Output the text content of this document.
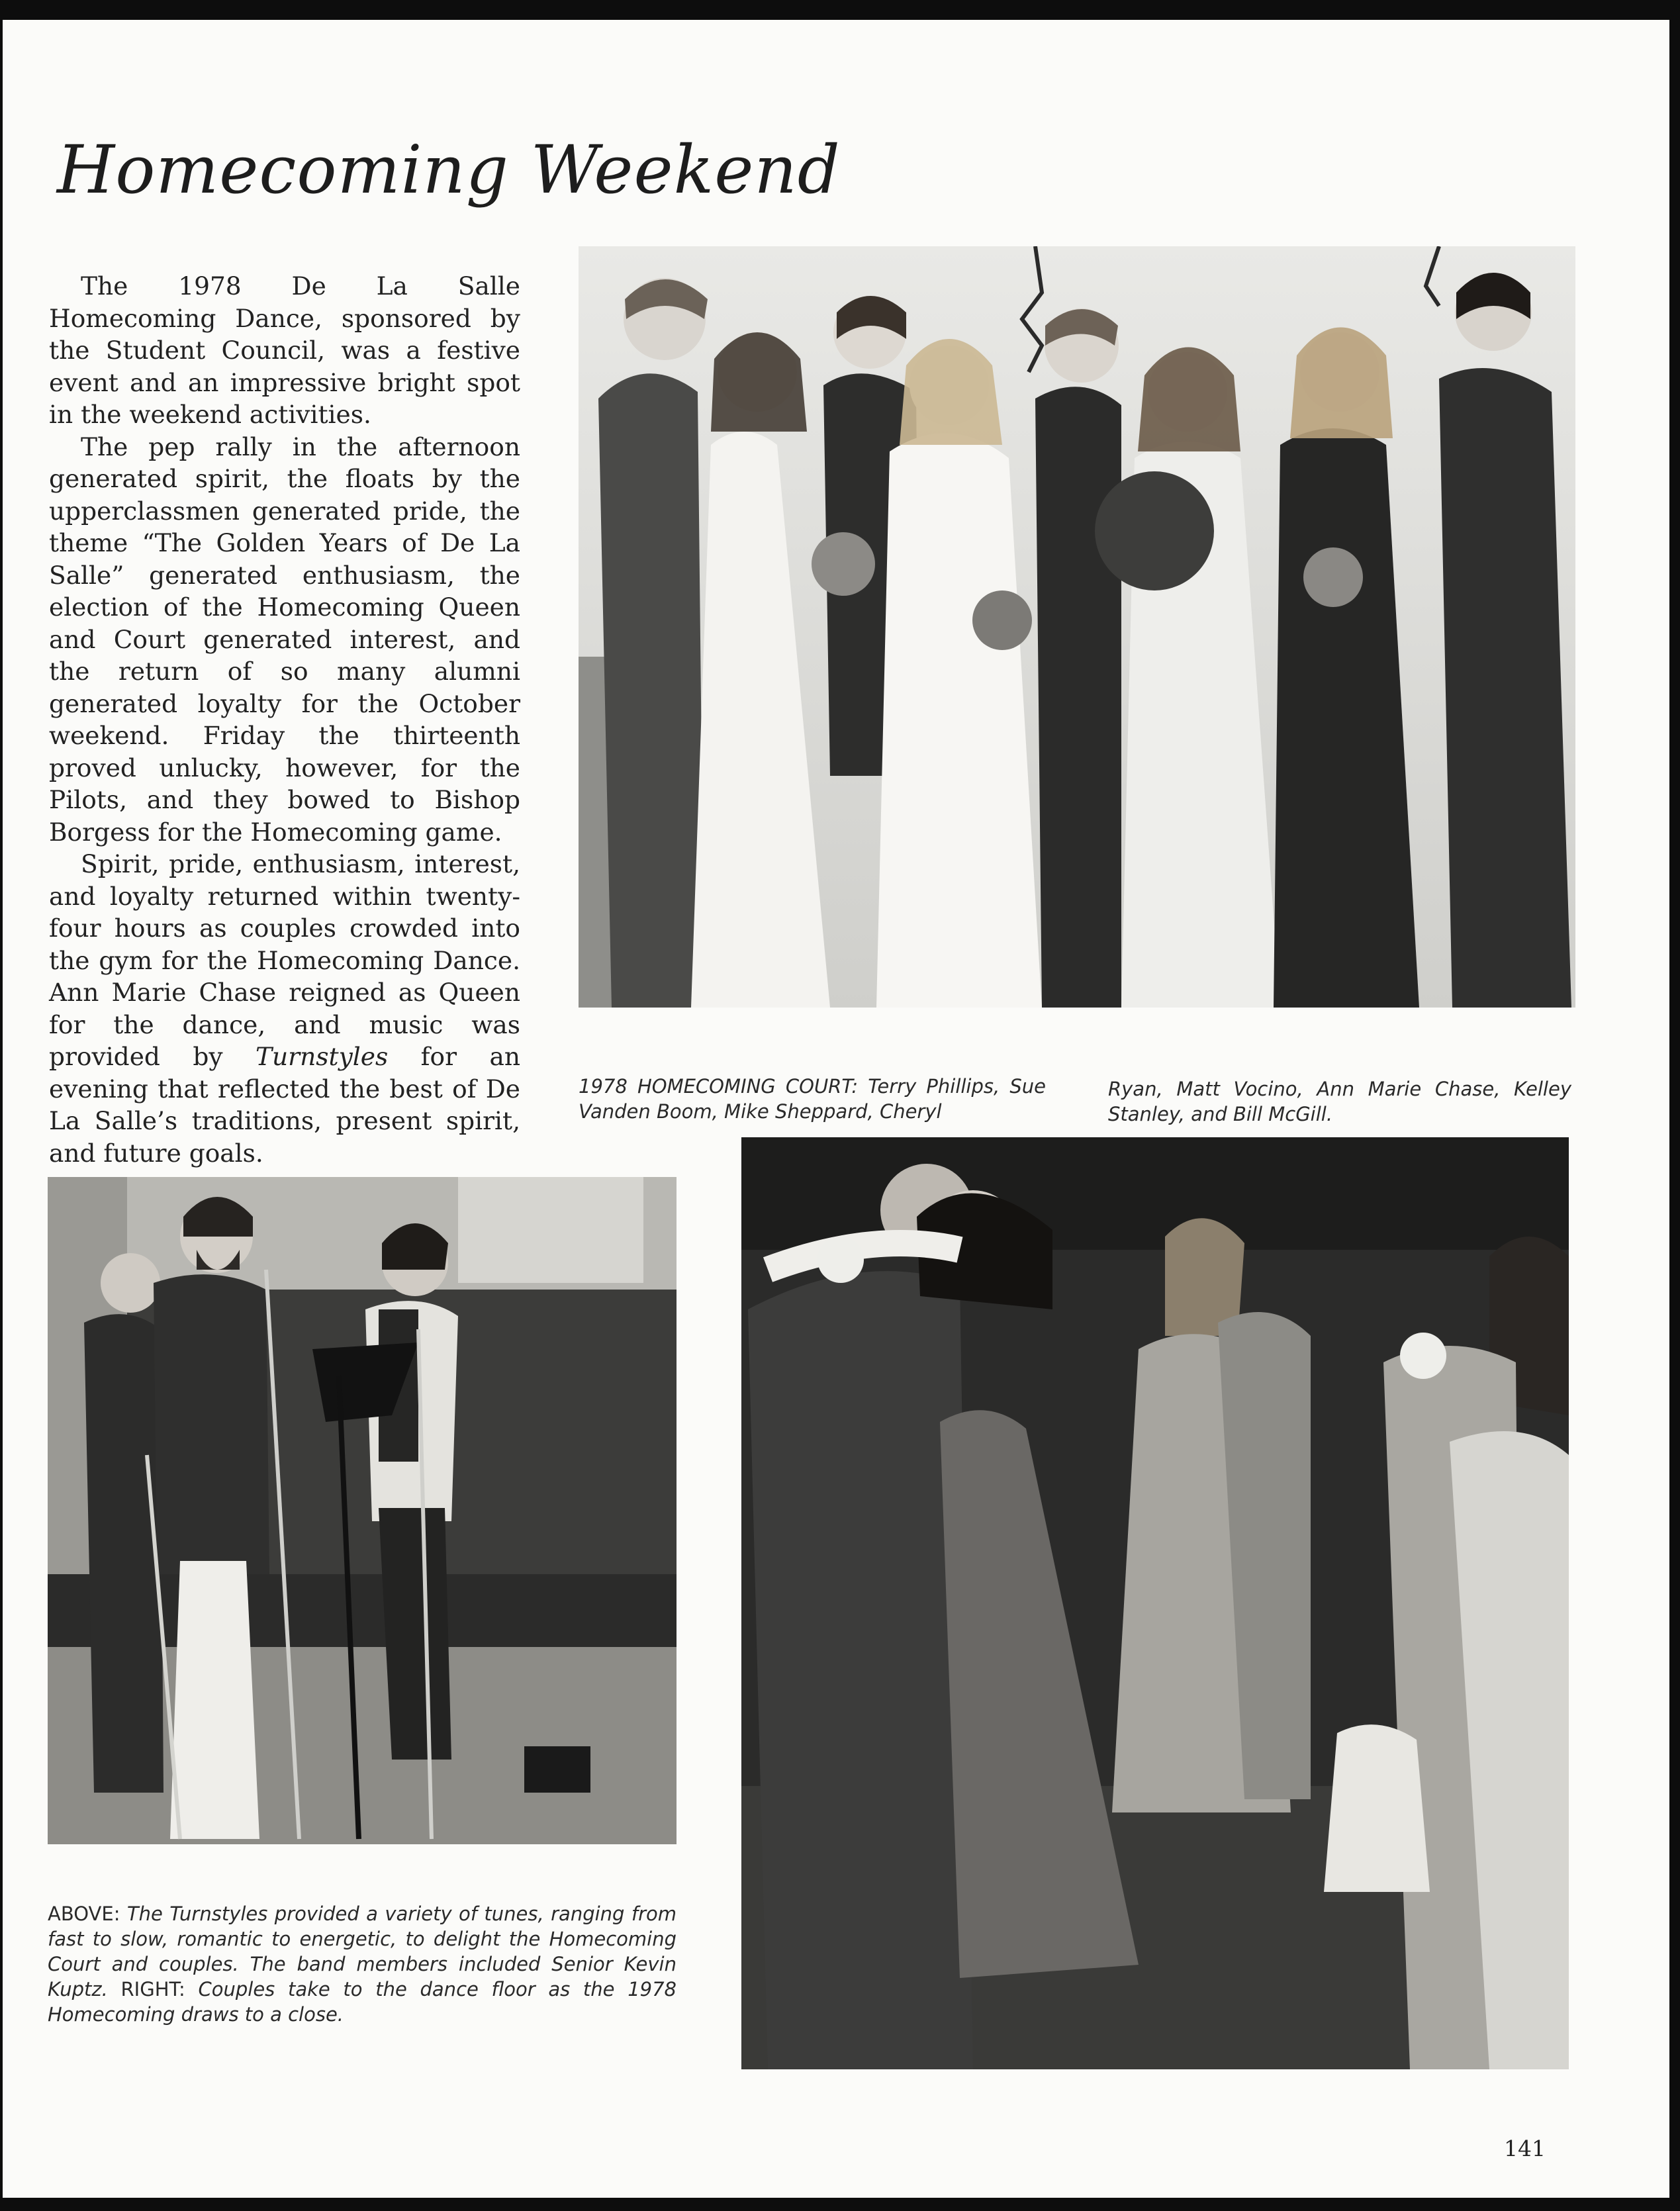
Homecoming Weekend

The 1978 De La Salle Homecoming Dance, sponsored by the Student Council, was a festive event and an impressive bright spot in the weekend activities.

The pep rally in the afternoon generated spirit, the floats by the upperclassmen generated pride, the theme “The Golden Years of De La Salle” generated enthusiasm, the election of the Homecoming Queen and Court generated interest, and the return of so many alumni generated loyalty for the October weekend. Friday the thirteenth proved unlucky, however, for the Pilots, and they bowed to Bishop Borgess for the Homecoming game.

Spirit, pride, enthusiasm, interest, and loyalty returned within twenty-four hours as couples crowded into the gym for the Homecoming Dance. Ann Marie Chase reigned as Queen for the dance, and music was provided by Turnstyles for an evening that reflected the best of De La Salle’s traditions, present spirit, and future goals.

1978 HOMECOMING COURT: Terry Phillips, Sue Vanden Boom, Mike Sheppard, Cheryl
Ryan, Matt Vocino, Ann Marie Chase, Kelley Stanley, and Bill McGill.
ABOVE: The Turnstyles provided a variety of tunes, ranging from fast to slow, romantic to energetic, to delight the Homecoming Court and couples. The band members included Senior Kevin Kuptz. RIGHT: Couples take to the dance floor as the 1978 Homecoming draws to a close.
141
